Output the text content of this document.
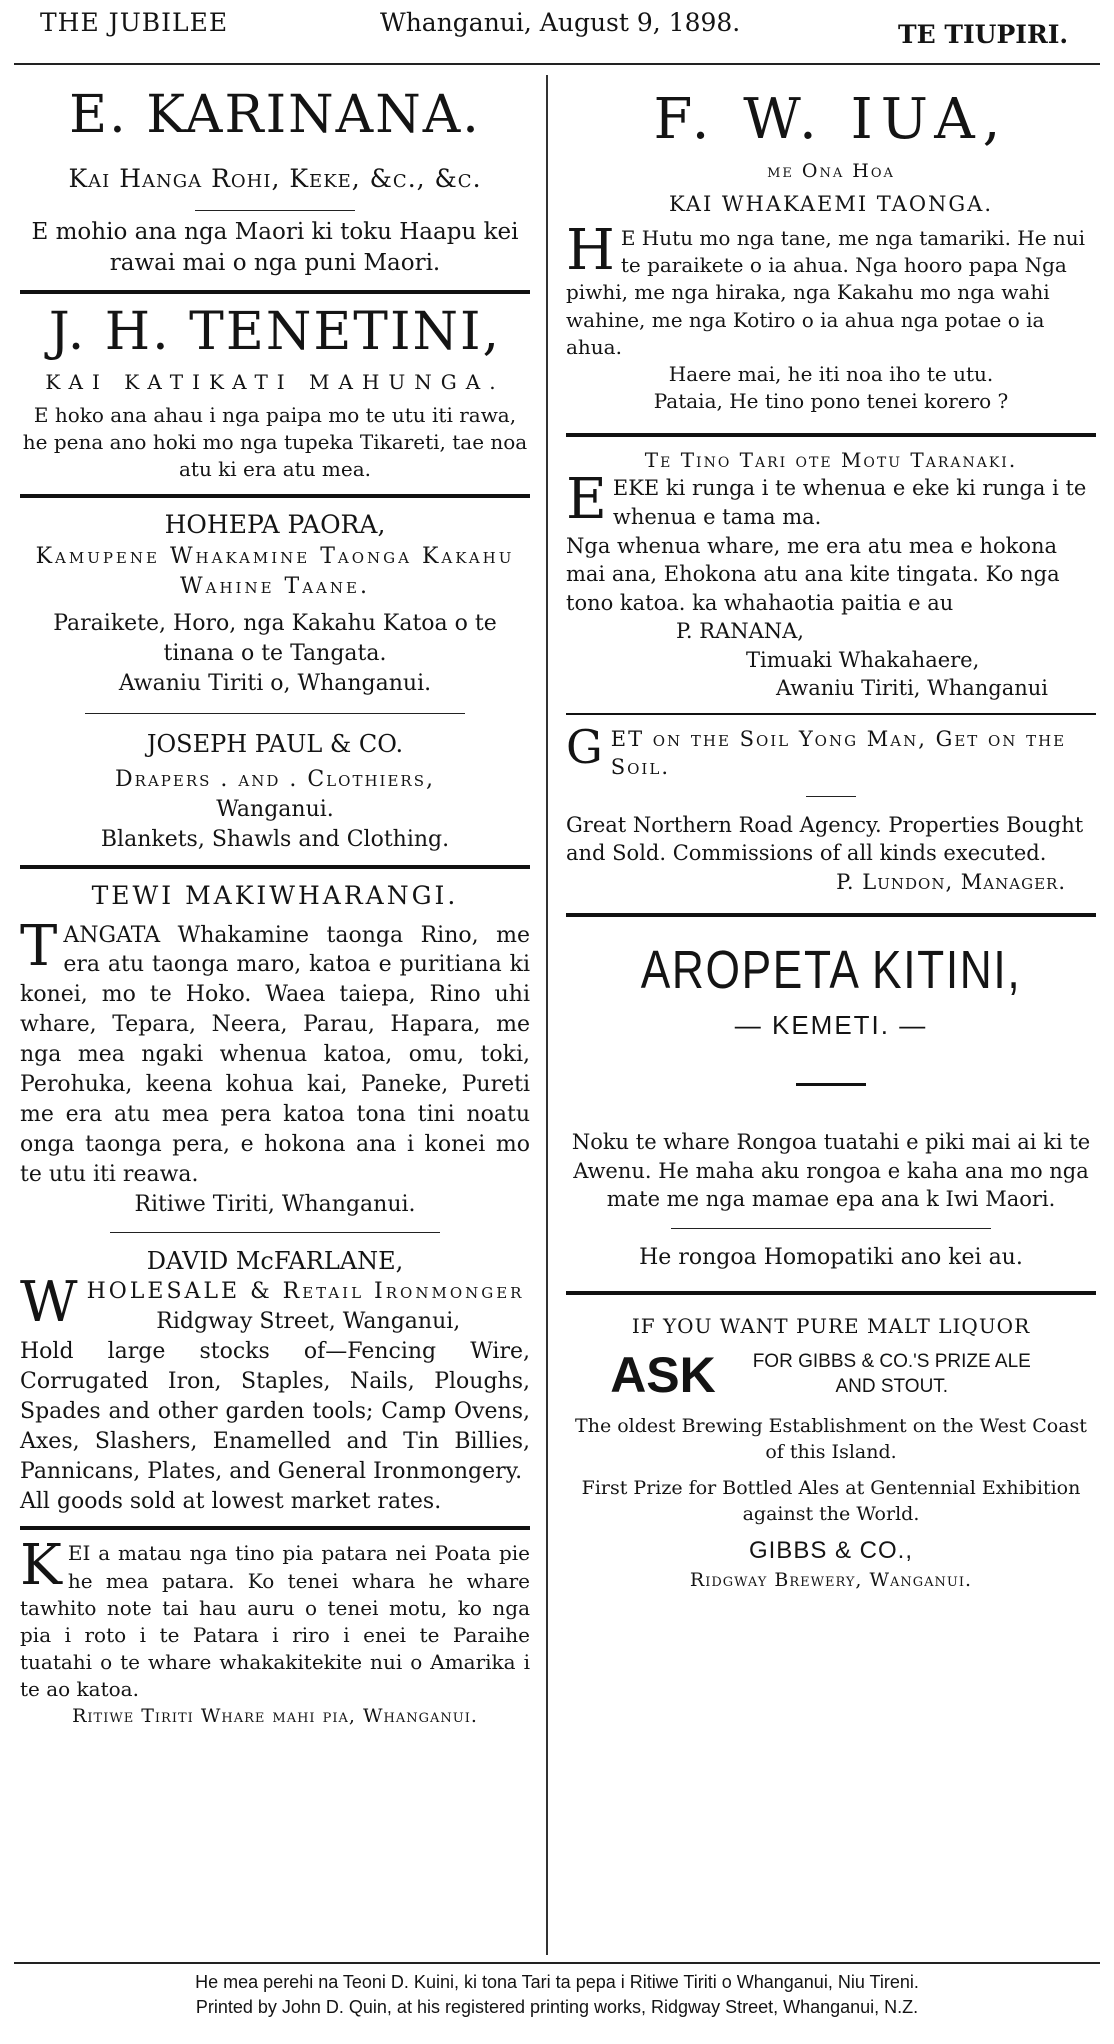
THE JUBILEE	Whanganui, August 9, 1898.	TE TIUPIRI.
E. KARINANA.
Kai Hanga Rohi, Keke, &c., &c.
E mohio ana nga Maori ki toku Haapu kei rawai mai o nga puni Maori.
J. H. TENETINI,
KAI KATIKATI MAHUNGA.
E hoko ana ahau i nga paipa mo te utu iti rawa, he pena ano hoki mo nga tupeka Tikareti, tae noa atu ki era atu mea.
HOHEPA PAORA,
Kamupene Whakamine Taonga Kakahu Wahine Taane.
Paraikete, Horo, nga Kakahu Katoa o te tinana o te Tangata.
Awaniu Tiriti o, Whanganui.
JOSEPH PAUL & CO.
Drapers . and . Clothiers,
Wanganui.
Blankets, Shawls and Clothing.
TEWI MAKIWHARANGI.
TANGATA Whakamine taonga Rino, me era atu taonga maro, katoa e puritiana ki konei, mo te Hoko. Waea taiepa, Rino uhi whare, Tepara, Neera, Parau, Hapara, me nga mea ngaki whenua katoa, omu, toki, Perohuka, keena kohua kai, Paneke, Pureti me era atu mea pera katoa tona tini noatu onga taonga pera, e hokona ana i konei mo te utu iti reawa.
Ritiwe Tiriti, Whanganui.
DAVID McFARLANE,
WHOLESALE & Retail Ironmonger
Ridgway Street, Wanganui,
Hold large stocks of—Fencing Wire, Corrugated Iron, Staples, Nails, Ploughs, Spades and other garden tools; Camp Ovens, Axes, Slashers, Enamelled and Tin Billies, Pannicans, Plates, and General Ironmongery.
All goods sold at lowest market rates.
KEI a matau nga tino pia patara nei Poata pie he mea patara. Ko tenei whara he whare tawhito note tai hau auru o tenei motu, ko nga pia i roto i te Patara i riro i enei te Paraihe tuatahi o te whare whakakitekite nui o Amarika i te ao katoa.
Ritiwe Tiriti Whare mahi pia, Whanganui.
F. W. IUA,
me Ona Hoa
KAI WHAKAEMI TAONGA.
H E Hutu mo nga tane, me nga tamariki. He nui te paraikete o ia ahua. Nga hooro papa Nga piwhi, me nga hiraka, nga Kakahu mo nga wahi wahine, me nga Kotiro o ia ahua nga potae o ia ahua.
Haere mai, he iti noa iho te utu.
Pataia, He tino pono tenei korero ?
Te Tino Tari ote Motu Taranaki.
EEKE ki runga i te whenua e eke ki runga i te whenua e tama ma.
Nga whenua whare, me era atu mea e hokona mai ana, Ehokona atu ana kite tingata. Ko nga tono katoa. ka whahaotia paitia e au
P. RANANA,
Timuaki Whakahaere,
Awaniu Tiriti, Whanganui
GET on the Soil Yong Man, Get on the Soil.
Great Northern Road Agency. Properties Bought and Sold. Commissions of all kinds executed.
P. Lundon, Manager.
AROPETA KITINI,
— KEMETI. —
Noku te whare Rongoa tuatahi e piki mai ai ki te Awenu. He maha aku rongoa e kaha ana mo nga mate me nga mamae epa ana k Iwi Maori.
He rongoa Homopatiki ano kei au.
IF YOU WANT PURE MALT LIQUOR
ASK	FOR GIBBS & CO.'S PRIZE ALE AND STOUT.
The oldest Brewing Establishment on the West Coast of this Island.
First Prize for Bottled Ales at Gentennial Exhibition against the World.
GIBBS & CO.,
Ridgway Brewery, Wanganui.
He mea perehi na Teoni D. Kuini, ki tona Tari ta pepa i Ritiwe Tiriti o Whanganui, Niu Tireni.
Printed by John D. Quin, at his registered printing works, Ridgway Street, Whanganui, N.Z.
